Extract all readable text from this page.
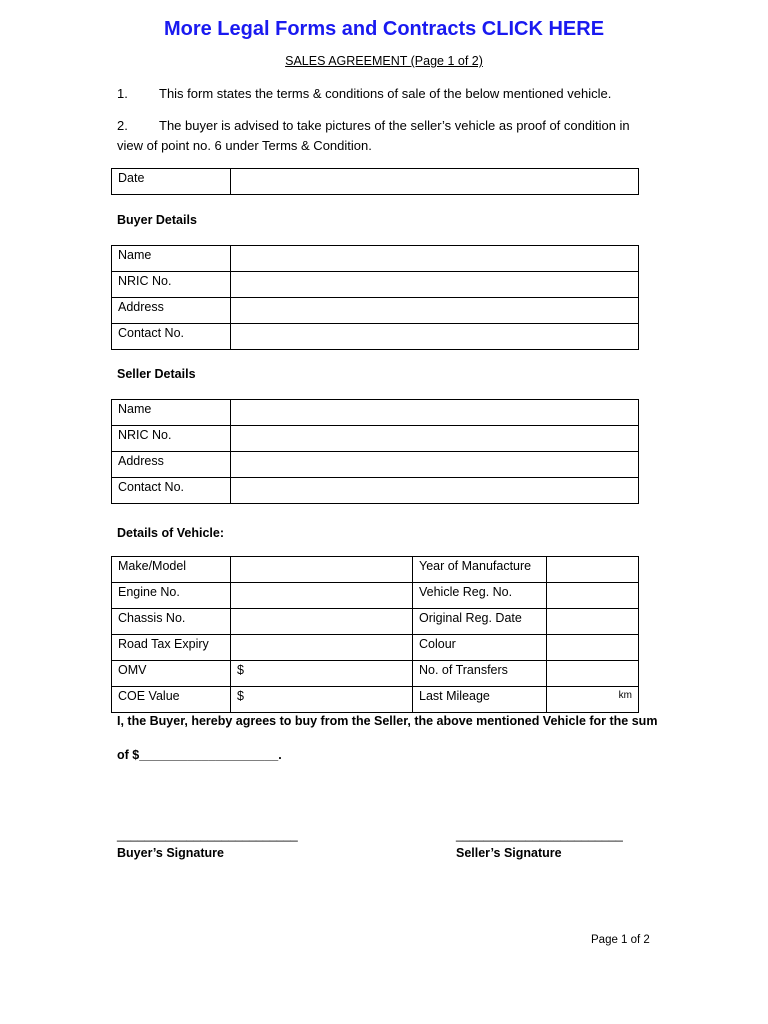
More Legal Forms and Contracts CLICK HERE
SALES AGREEMENT (Page 1 of 2)
1. This form states the terms & conditions of sale of the below mentioned vehicle.
2. The buyer is advised to take pictures of the seller’s vehicle as proof of condition in
view of point no. 6 under Terms & Condition.
Date	
Buyer Details
Name	
NRIC No.	
Address	
Contact No.	
Seller Details
Name	
NRIC No.	
Address	
Contact No.	
Details of Vehicle:
Make/Model		Year of Manufacture	
Engine No.		Vehicle Reg. No.	
Chassis No.		Original Reg. Date	
Road Tax Expiry		Colour	
OMV	$	No. of Transfers	
COE Value	$	Last Mileage	km
I, the Buyer, hereby agrees to buy from the Seller, the above mentioned Vehicle for the sum
of $____________________.
__________________________
Buyer’s Signature
________________________
Seller’s Signature
Page 1 of 2
